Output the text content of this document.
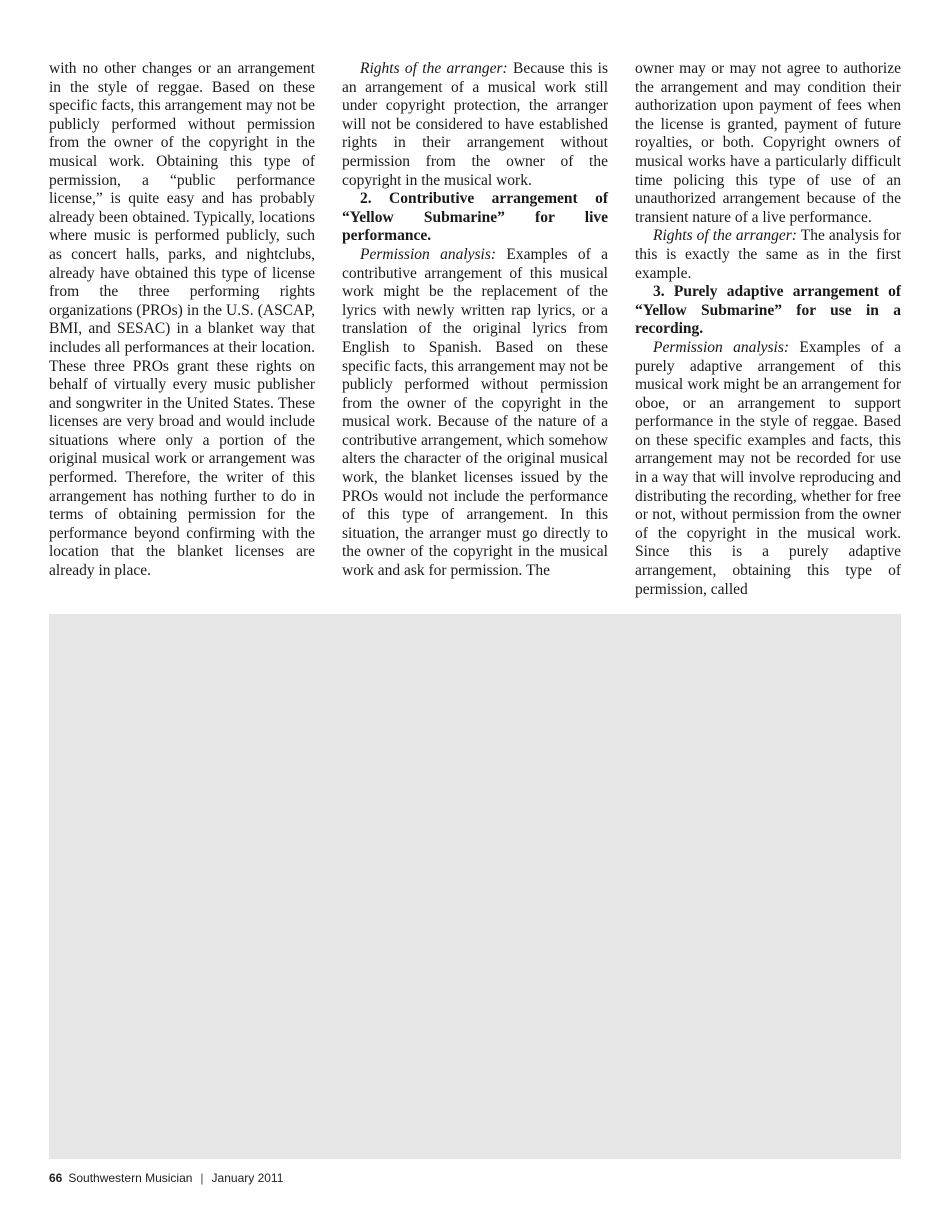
with no other changes or an arrangement in the style of reggae. Based on these specific facts, this arrangement may not be publicly performed without permission from the owner of the copyright in the musical work. Obtaining this type of permission, a “public performance license,” is quite easy and has probably already been obtained. Typically, locations where music is performed publicly, such as concert halls, parks, and nightclubs, already have obtained this type of license from the three performing rights organizations (PROs) in the U.S. (ASCAP, BMI, and SESAC) in a blanket way that includes all performances at their location. These three PROs grant these rights on behalf of virtually every music publisher and songwriter in the United States. These licenses are very broad and would include situations where only a portion of the original musical work or arrangement was performed. Therefore, the writer of this arrangement has nothing further to do in terms of obtaining permission for the performance beyond confirming with the location that the blanket licenses are already in place.

Rights of the arranger: Because this is an arrangement of a musical work still under copyright protection, the arranger will not be considered to have established rights in their arrangement without permission from the owner of the copyright in the musical work.

2. Contributive arrangement of “Yellow Submarine” for live performance.

Permission analysis: Examples of a contributive arrangement of this musical work might be the replacement of the lyrics with newly written rap lyrics, or a translation of the original lyrics from English to Spanish. Based on these specific facts, this arrangement may not be publicly performed without permission from the owner of the copyright in the musical work. Because of the nature of a contributive arrangement, which somehow alters the character of the original musical work, the blanket licenses issued by the PROs would not include the performance of this type of arrangement. In this situation, the arranger must go directly to the owner of the copyright in the musical work and ask for permission. The

owner may or may not agree to authorize the arrangement and may condition their authorization upon payment of fees when the license is granted, payment of future royalties, or both. Copyright owners of musical works have a particularly difficult time policing this type of use of an unauthorized arrangement because of the transient nature of a live performance.

Rights of the arranger: The analysis for this is exactly the same as in the first example.

3. Purely adaptive arrangement of “Yellow Submarine” for use in a recording.

Permission analysis: Examples of a purely adaptive arrangement of this musical work might be an arrangement for oboe, or an arrangement to support performance in the style of reggae. Based on these specific examples and facts, this arrangement may not be recorded for use in a way that will involve reproducing and distributing the recording, whether for free or not, without permission from the owner of the copyright in the musical work. Since this is a purely adaptive arrangement, obtaining this type of permission, called

66 Southwestern Musician | January 2011
